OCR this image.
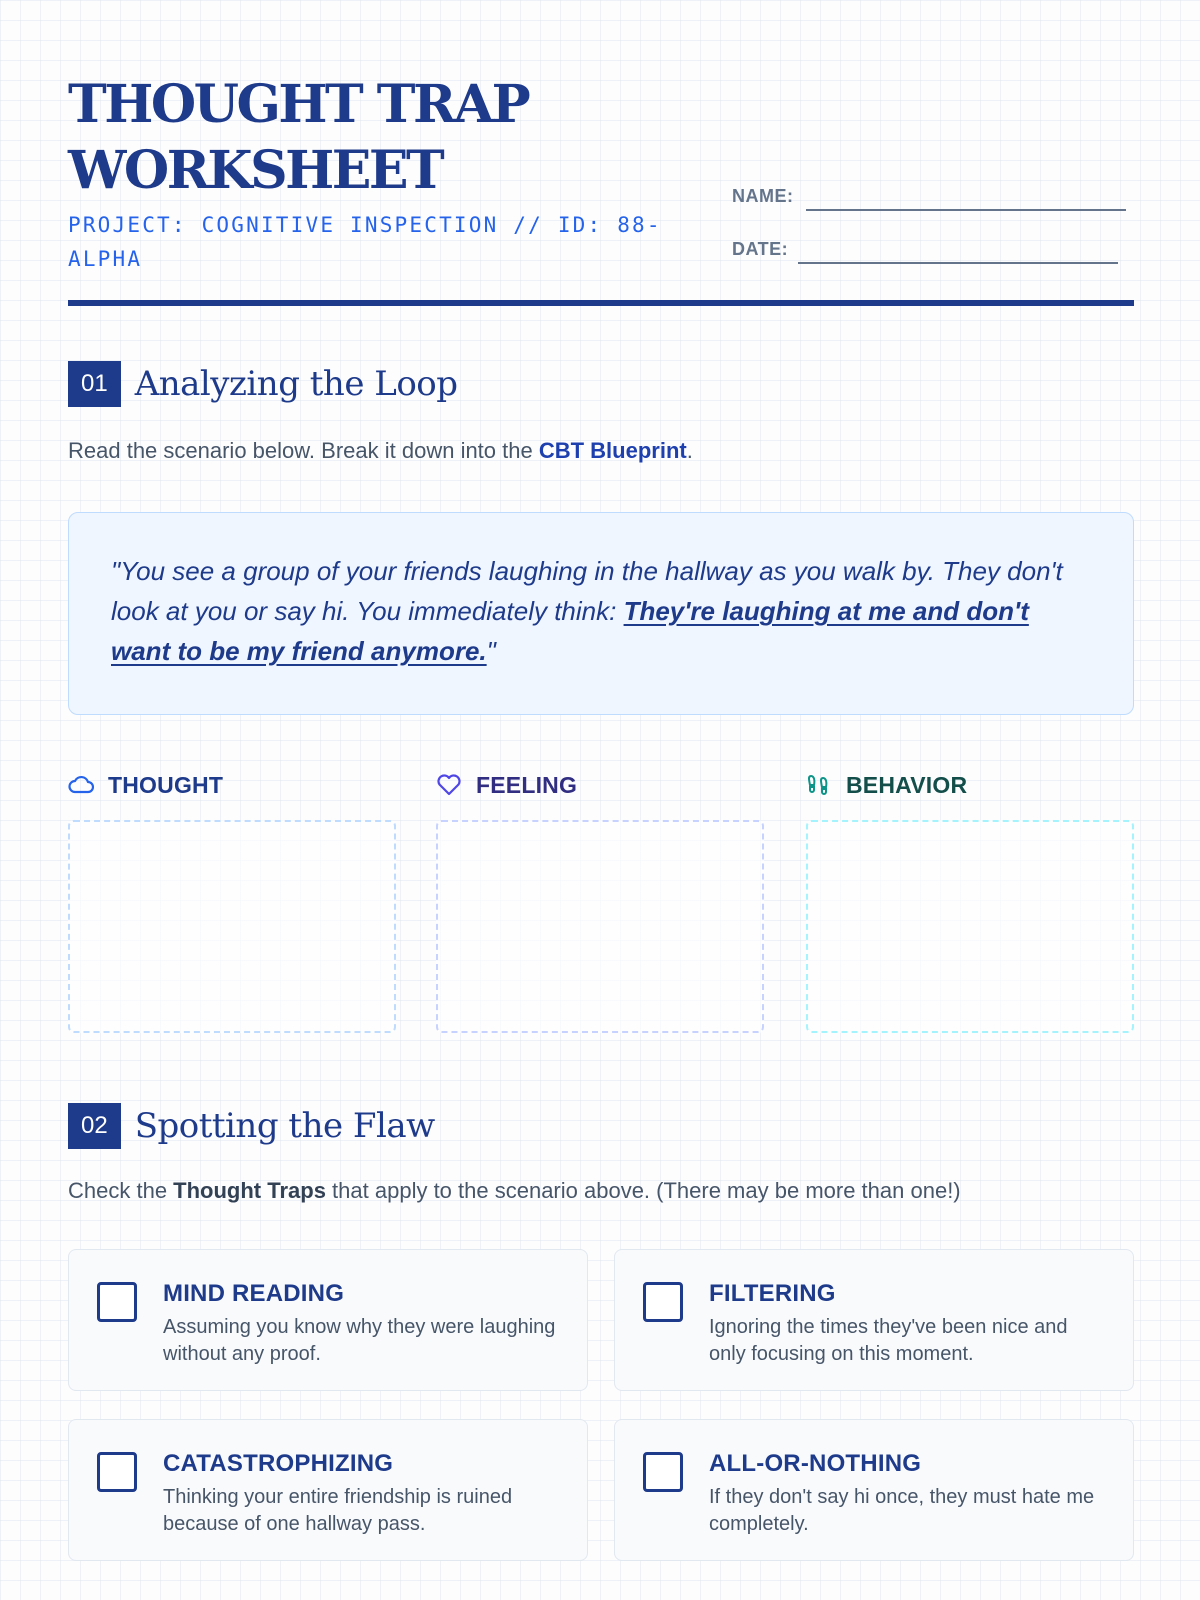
THOUGHT TRAP WORKSHEET
PROJECT: COGNITIVE INSPECTION // ID: 88-ALPHA
NAME:
DATE:
01 Analyzing the Loop

Read the scenario below. Break it down into the CBT Blueprint.

"You see a group of your friends laughing in the hallway as you walk by. They don't look at you or say hi. You immediately think: They're laughing at me and don't want to be my friend anymore."
THOUGHT	FEELING	BEHAVIOR
02 Spotting the Flaw

Check the Thought Traps that apply to the scenario above. (There may be more than one!)

MIND READING
Assuming you know why they were laughing without any proof.
FILTERING
Ignoring the times they've been nice and only focusing on this moment.
CATASTROPHIZING
Thinking your entire friendship is ruined because of one hallway pass.
ALL-OR-NOTHING
If they don't say hi once, they must hate me completely.
